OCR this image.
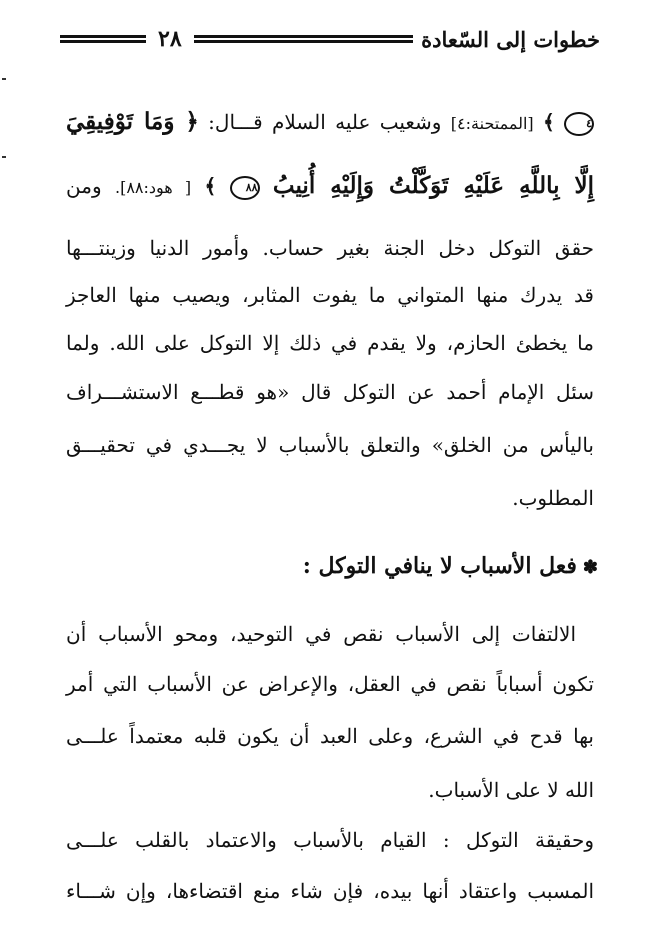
خطوات إلى السّعادة
٢٨
٤ ﴾ [الممتحنة:٤] وشعيب عليه السلام قـــال: ﴿ وَمَا تَوْفِيقِيَ
إِلَّا بِاللَّهِ عَلَيْهِ تَوَكَّلْتُ وَإِلَيْهِ أُنِيبُ ٨٨ ﴾ [ هود:٨٨]. ومن
حقق التوكل دخل الجنة بغير حساب. وأمور الدنيا وزينتـــها
قد يدرك منها المتواني ما يفوت المثابر، ويصيب منها العاجز
ما يخطئ الحازم، ولا يقدم في ذلك إلا التوكل على الله. ولما
سئل الإمام أحمد عن التوكل قال «هو قطـــع الاستشـــراف
باليأس من الخلق» والتعلق بالأسباب لا يجـــدي في تحقيـــق
المطلوب.
✽فعل الأسباب لا ينافي التوكل :
الالتفات إلى الأسباب نقص في التوحيد، ومحو الأسباب أن
تكون أسباباً نقص في العقل، والإعراض عن الأسباب التي أمر
بها قدح في الشرع، وعلى العبد أن يكون قلبه معتمداً علـــى
الله لا على الأسباب.
وحقيقة التوكل : القيام بالأسباب والاعتماد بالقلب علـــى
المسبب واعتقاد أنها بيده، فإن شاء منع اقتضاءها، وإن شـــاء
